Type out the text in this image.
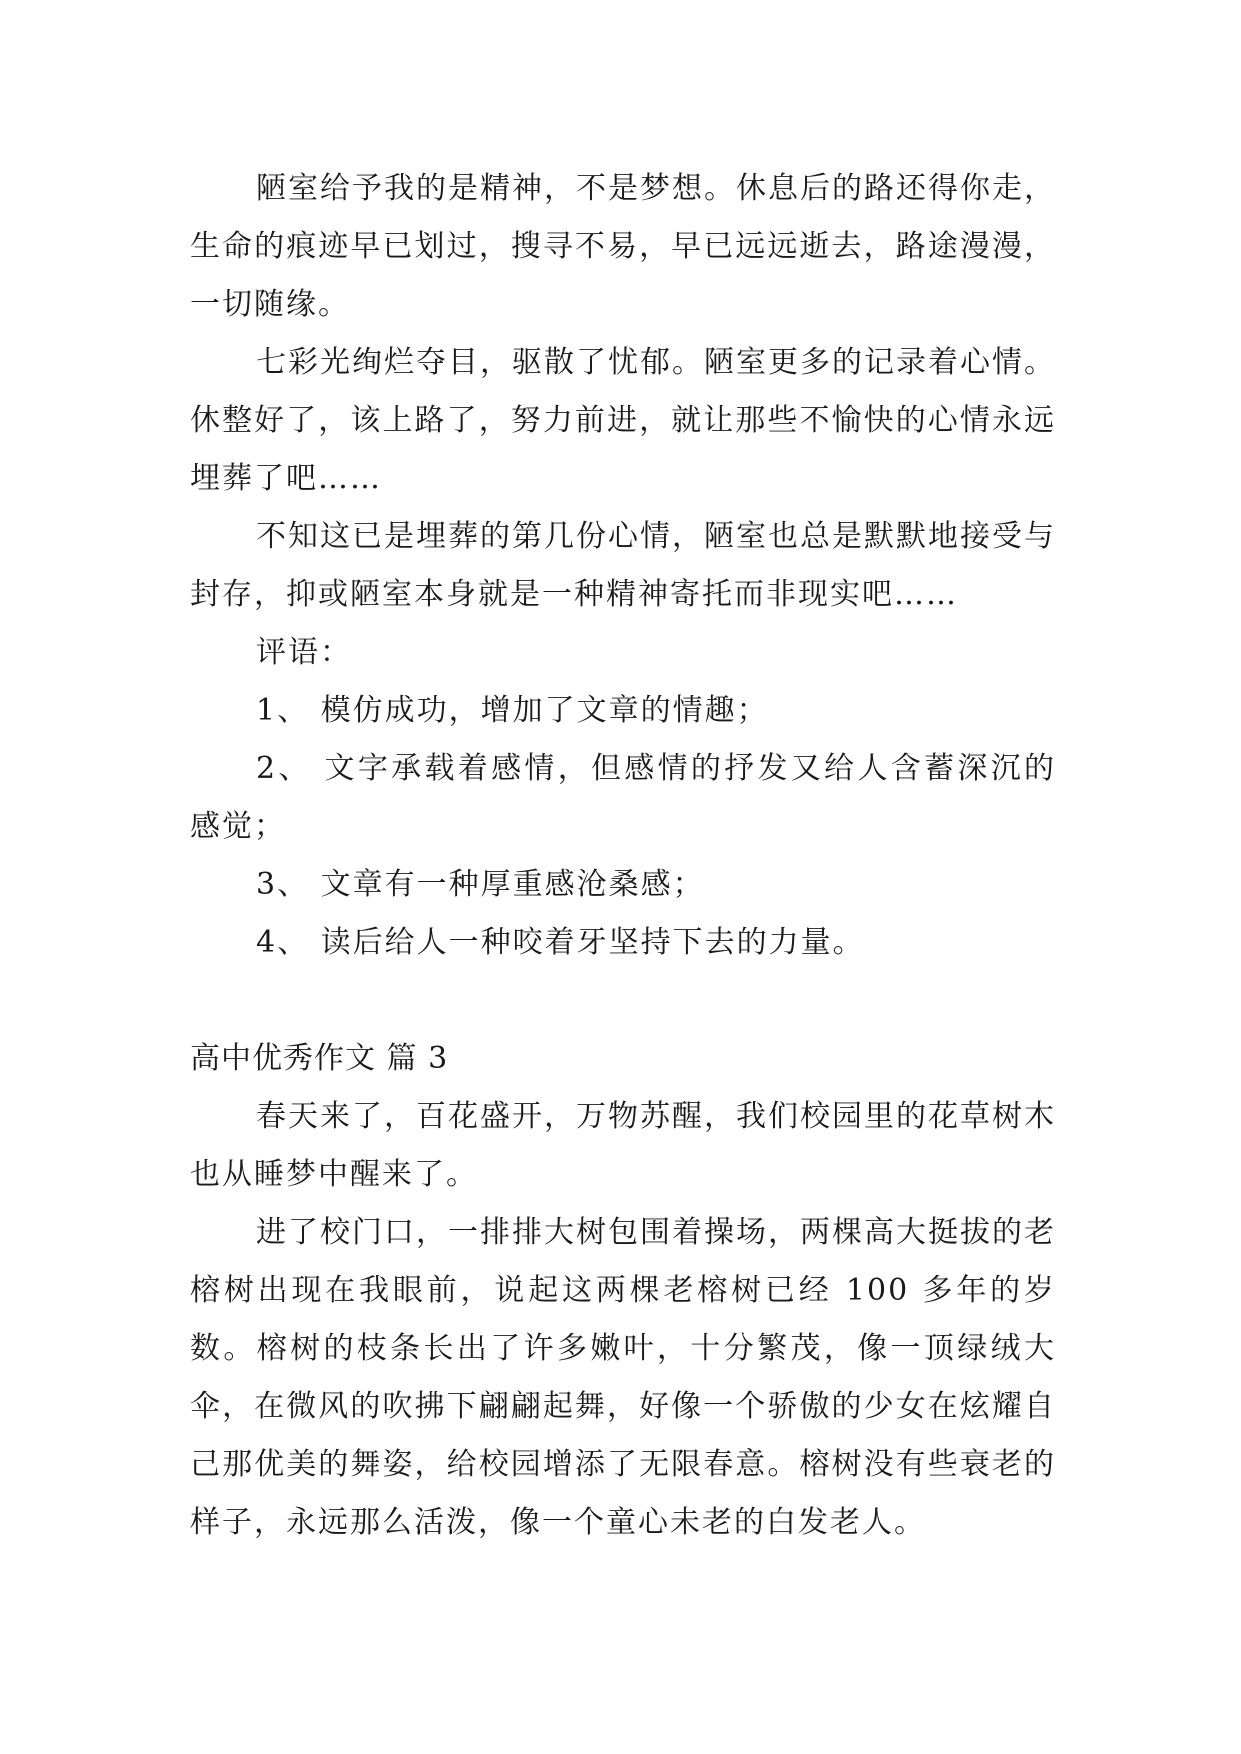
陋室给予我的是精神，不是梦想。休息后的路还得你走，生命的痕迹早已划过，搜寻不易，早已远远逝去，路途漫漫，一切随缘。

七彩光绚烂夺目，驱散了忧郁。陋室更多的记录着心情。休整好了，该上路了，努力前进，就让那些不愉快的心情永远埋葬了吧……

不知这已是埋葬的第几份心情，陋室也总是默默地接受与封存，抑或陋室本身就是一种精神寄托而非现实吧……

评语：

1、 模仿成功，增加了文章的情趣；

2、 文字承载着感情，但感情的抒发又给人含蓄深沉的感觉；

3、 文章有一种厚重感沧桑感；

4、 读后给人一种咬着牙坚持下去的力量。

高中优秀作文 篇 3

春天来了，百花盛开，万物苏醒，我们校园里的花草树木也从睡梦中醒来了。

进了校门口，一排排大树包围着操场，两棵高大挺拔的老榕树出现在我眼前，说起这两棵老榕树已经 100 多年的岁数。榕树的枝条长出了许多嫩叶，十分繁茂，像一顶绿绒大伞，在微风的吹拂下翩翩起舞，好像一个骄傲的少女在炫耀自己那优美的舞姿，给校园增添了无限春意。榕树没有些衰老的样子，永远那么活泼，像一个童心未老的白发老人。
